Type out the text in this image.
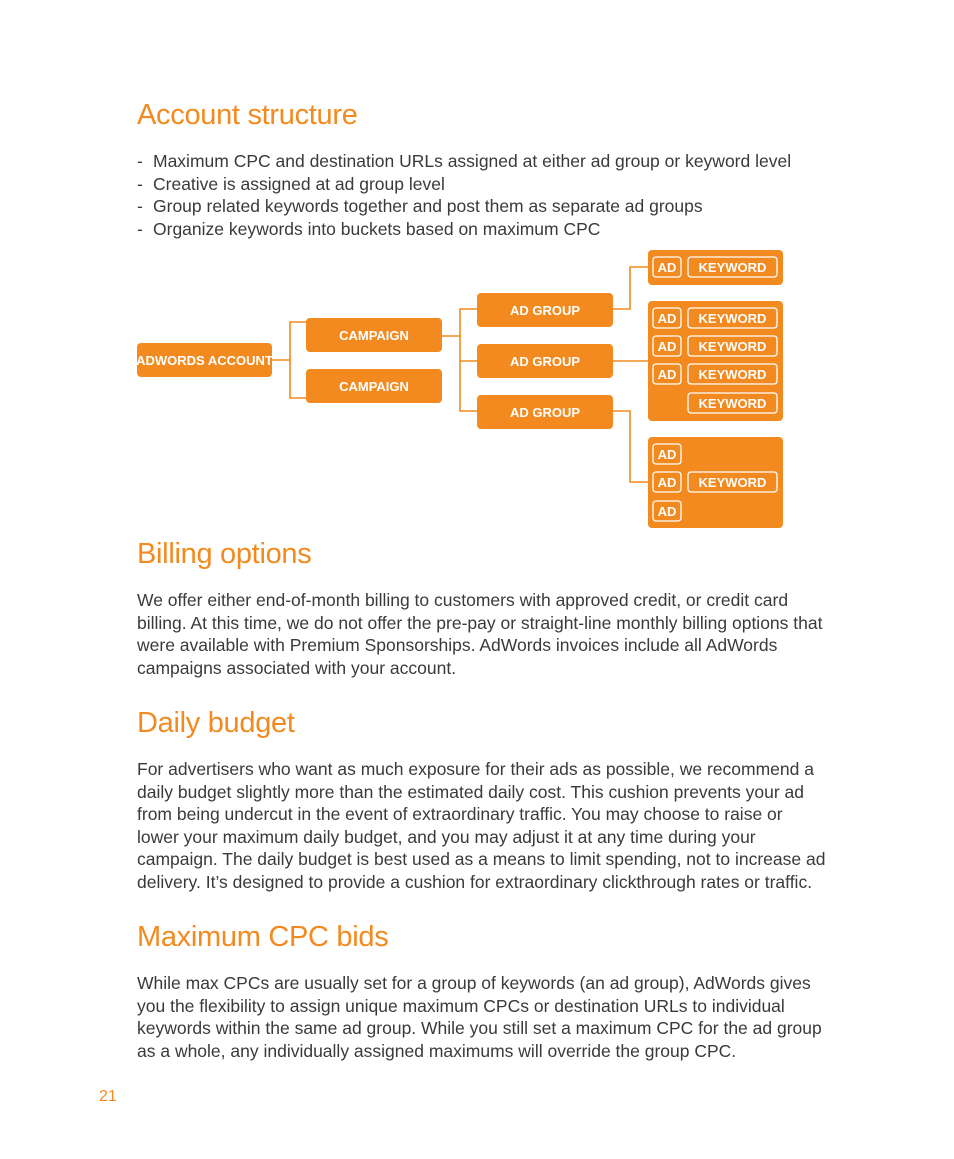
Account structure
- Maximum CPC and destination URLs assigned at either ad group or keyword level
- Creative is assigned at ad group level
- Group related keywords together and post them as separate ad groups
- Organize keywords into buckets based on maximum CPC
ADWORDS ACCOUNT
CAMPAIGN
CAMPAIGN
AD GROUP
AD GROUP
AD GROUP
AD KEYWORD
AD KEYWORD
AD KEYWORD
AD KEYWORD
KEYWORD
AD
AD KEYWORD
AD
Billing options

We offer either end-of-month billing to customers with approved credit, or credit card billing. At this time, we do not offer the pre-pay or straight-line monthly billing options that were available with Premium Sponsorships. AdWords invoices include all AdWords campaigns associated with your account.

Daily budget

For advertisers who want as much exposure for their ads as possible, we recommend a daily budget slightly more than the estimated daily cost. This cushion prevents your ad from being undercut in the event of extraordinary traffic. You may choose to raise or lower your maximum daily budget, and you may adjust it at any time during your campaign. The daily budget is best used as a means to limit spending, not to increase ad delivery. It’s designed to provide a cushion for extraordinary clickthrough rates or traffic.

Maximum CPC bids

While max CPCs are usually set for a group of keywords (an ad group), AdWords gives you the flexibility to assign unique maximum CPCs or destination URLs to individual keywords within the same ad group. While you still set a maximum CPC for the ad group as a whole, any individually assigned maximums will override the group CPC.

21
